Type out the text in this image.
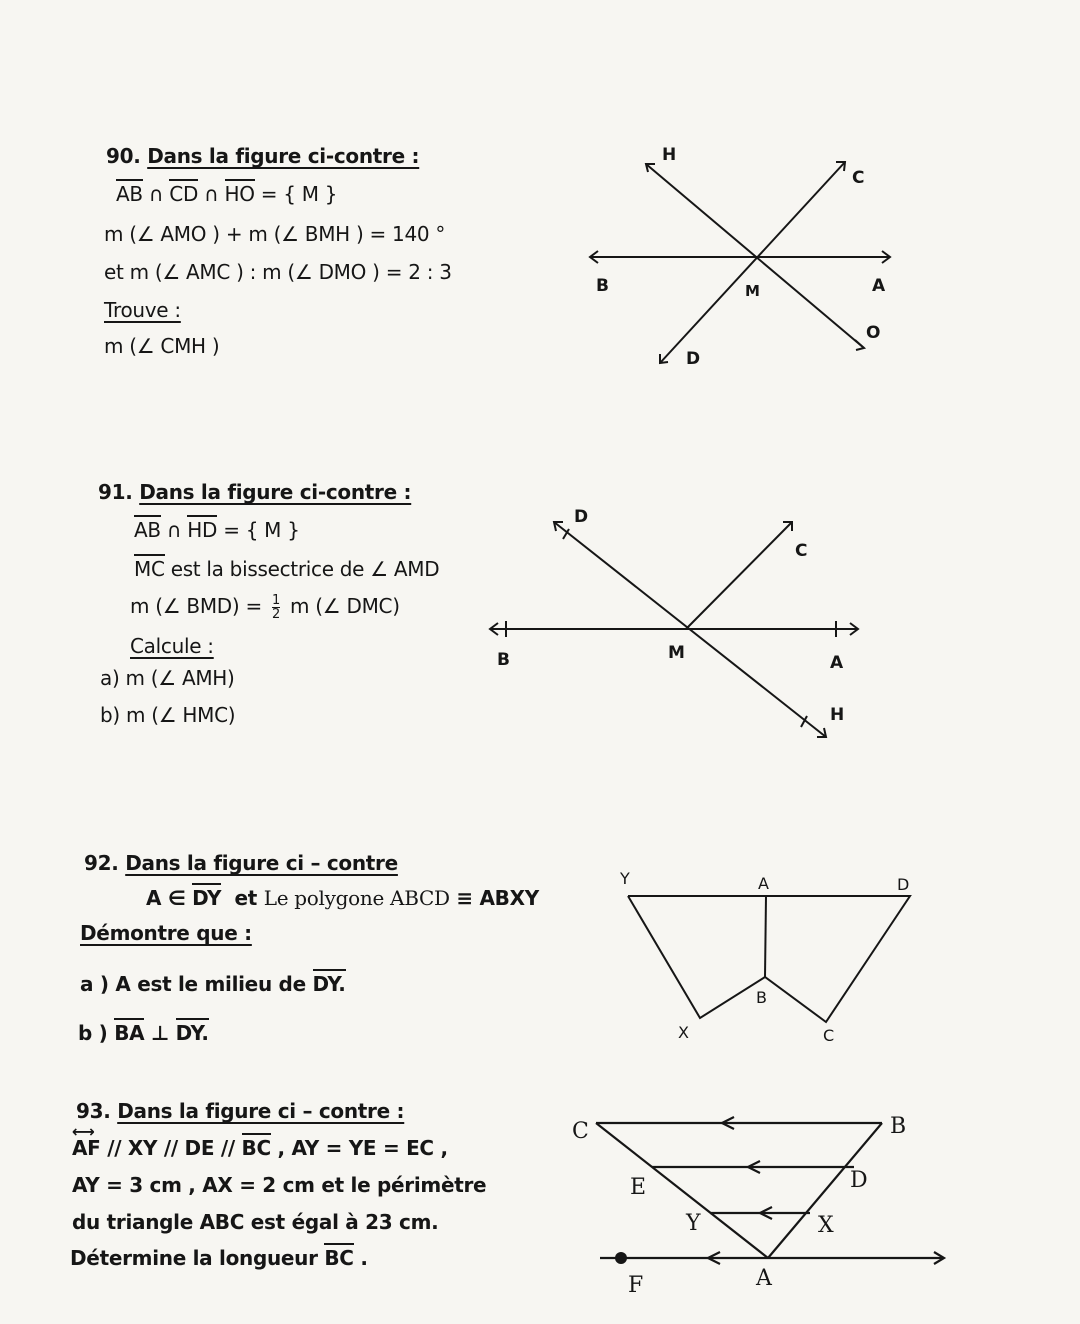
90. Dans la figure ci-contre :
AB ∩ CD ∩ HO = { M }
m (∠ AMO ) + m (∠ BMH ) = 140 °
et m (∠ AMC ) : m (∠ DMO ) = 2 : 3
Trouve :
m (∠ CMH )
H
C
B	M	A
O
D
91. Dans la figure ci-contre :
AB ∩ HD = { M }
MC est la bissectrice de ∠ AMD
m (∠ $BMD) = \frac{1}{2}$ m (∠ DMC)
Calcule :
a) m (∠ AMH)
b) m (∠ HMC)
D
C
B	M	A
H
92. Dans la figure ci – contre
A ∈ DY et Le polygone ABCD ≡ ABXY
Démontre que :
a ) A est le milieu de DY.
b ) BA ⊥ DY.
Y	A	D
B
X	C
93. Dans la figure ci – contre :
⟷
AF // XY // DE // BC , AY = YE = EC ,
AY = 3 cm , AX = 2 cm et le périmètre
du triangle ABC est égal à 23 cm.
Détermine la longueur BC .
C	B
E	D
Y	X
F	A
